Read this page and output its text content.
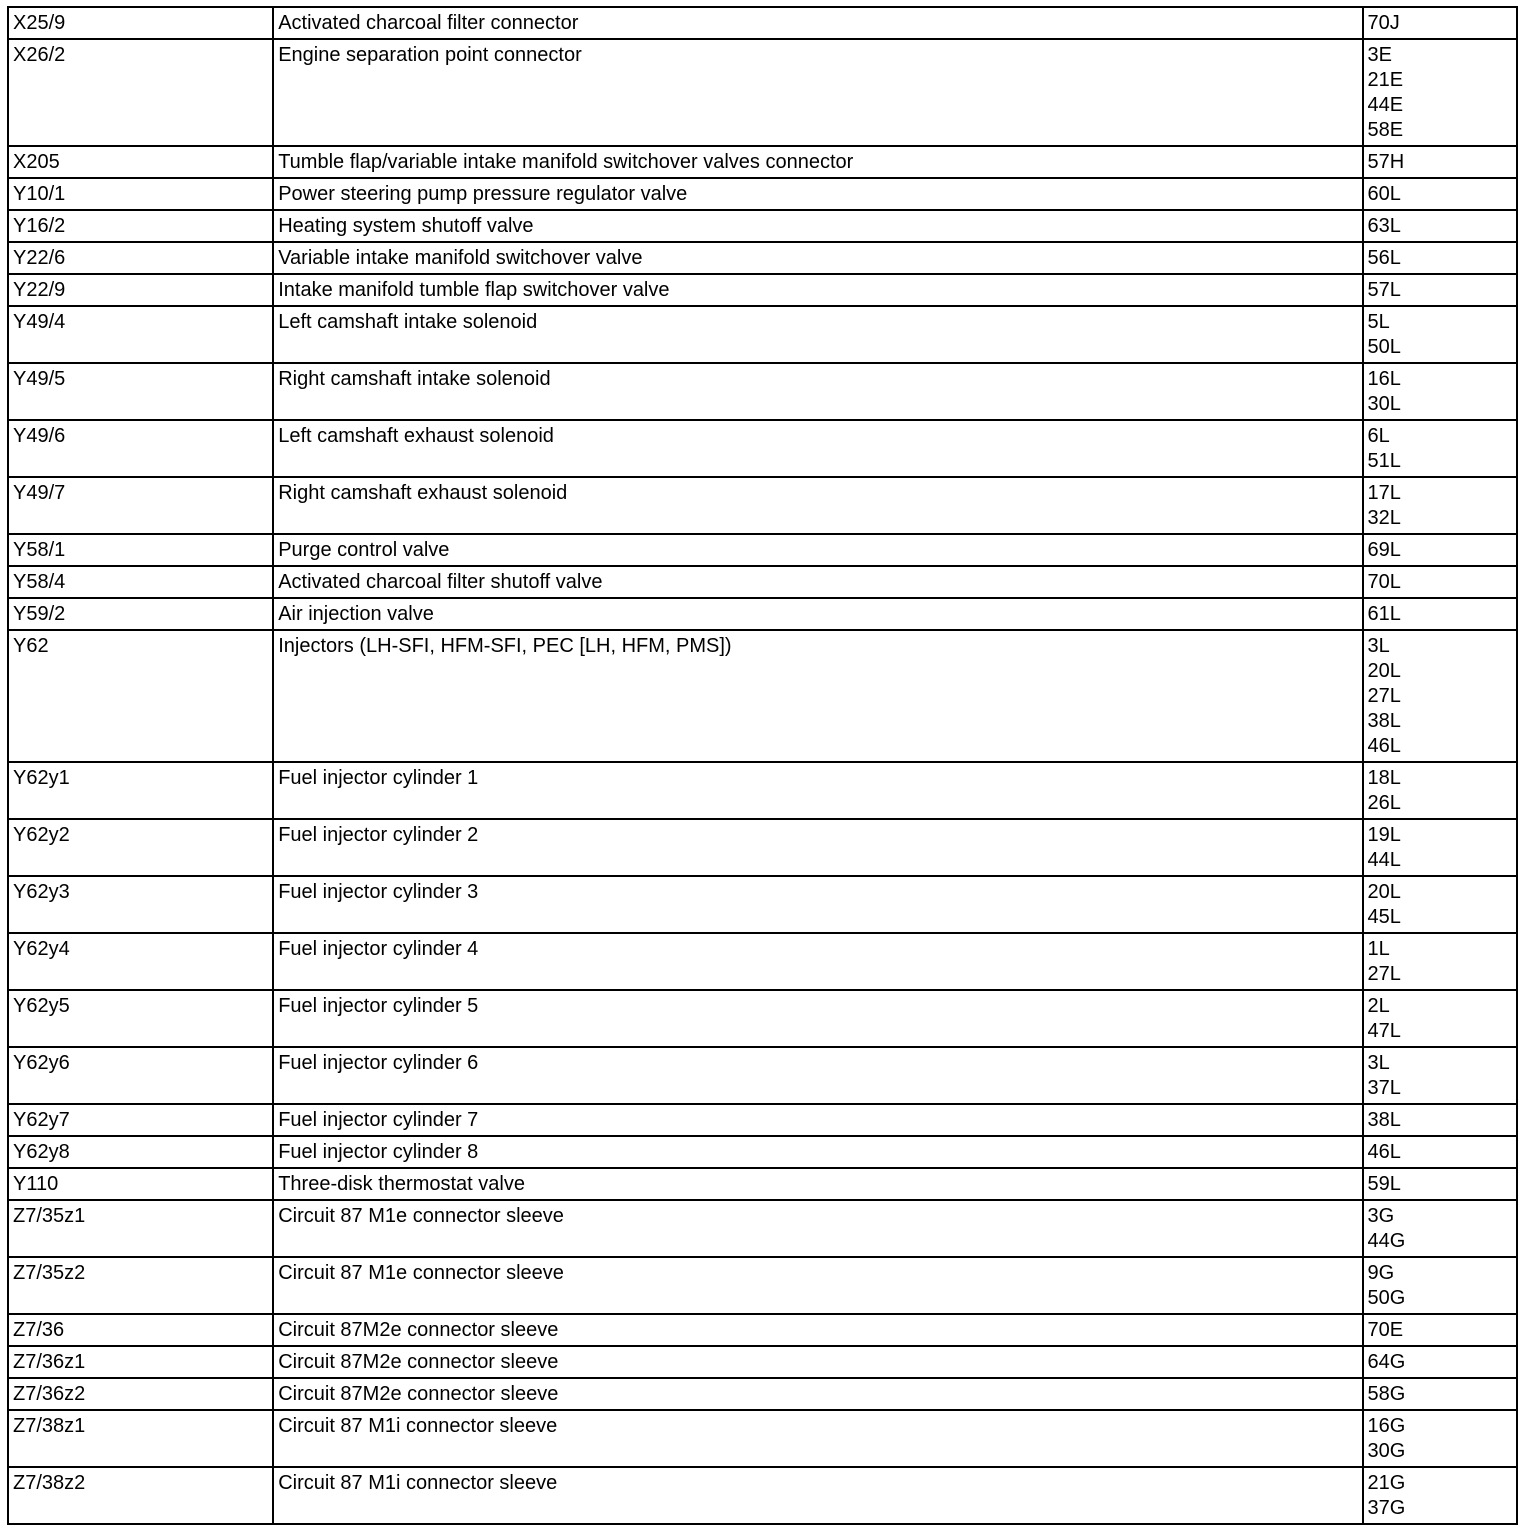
X25/9	Activated charcoal filter connector	70J

X26/2	Engine separation point connector	3E
21E
44E
58E

X205	Tumble flap/variable intake manifold switchover valves connector	57H

Y10/1	Power steering pump pressure regulator valve	60L

Y16/2	Heating system shutoff valve	63L

Y22/6	Variable intake manifold switchover valve	56L

Y22/9	Intake manifold tumble flap switchover valve	57L

Y49/4	Left camshaft intake solenoid	5L
50L

Y49/5	Right camshaft intake solenoid	16L
30L

Y49/6	Left camshaft exhaust solenoid	6L
51L

Y49/7	Right camshaft exhaust solenoid	17L
32L

Y58/1	Purge control valve	69L

Y58/4	Activated charcoal filter shutoff valve	70L

Y59/2	Air injection valve	61L

Y62	Injectors (LH-SFI, HFM-SFI, PEC [LH, HFM, PMS])	3L
20L
27L
38L
46L

Y62y1	Fuel injector cylinder 1	18L
26L

Y62y2	Fuel injector cylinder 2	19L
44L

Y62y3	Fuel injector cylinder 3	20L
45L

Y62y4	Fuel injector cylinder 4	1L
27L

Y62y5	Fuel injector cylinder 5	2L
47L

Y62y6	Fuel injector cylinder 6	3L
37L

Y62y7	Fuel injector cylinder 7	38L

Y62y8	Fuel injector cylinder 8	46L

Y110	Three-disk thermostat valve	59L

Z7/35z1	Circuit 87 M1e connector sleeve	3G
44G

Z7/35z2	Circuit 87 M1e connector sleeve	9G
50G

Z7/36	Circuit 87M2e connector sleeve	70E

Z7/36z1	Circuit 87M2e connector sleeve	64G

Z7/36z2	Circuit 87M2e connector sleeve	58G

Z7/38z1	Circuit 87 M1i connector sleeve	16G
30G

Z7/38z2	Circuit 87 M1i connector sleeve	21G
37G
